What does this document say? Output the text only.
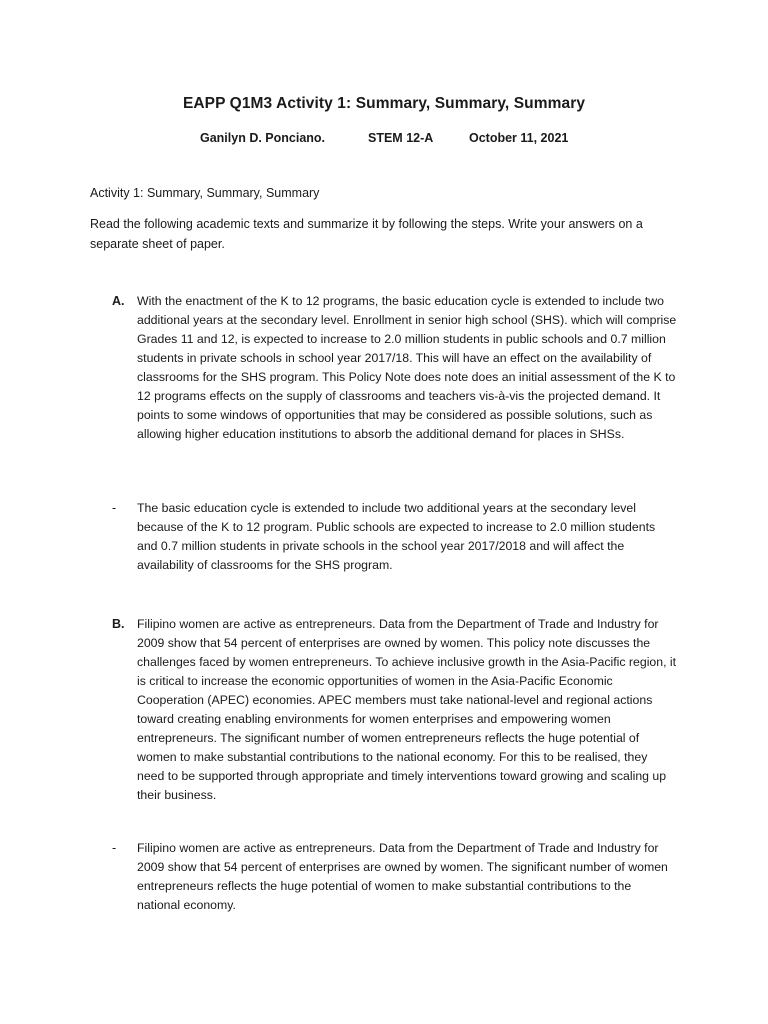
EAPP Q1M3 Activity 1: Summary, Summary, Summary
Ganilyn D. Ponciano.	STEM 12-A	October 11, 2021
Activity 1: Summary, Summary, Summary
Read the following academic texts and summarize it by following the steps. Write your answers on a separate sheet of paper.
A. With the enactment of the K to 12 programs, the basic education cycle is extended to include two additional years at the secondary level. Enrollment in senior high school (SHS). which will comprise Grades 11 and 12, is expected to increase to 2.0 million students in public schools and 0.7 million students in private schools in school year 2017/18. This will have an effect on the availability of classrooms for the SHS program. This Policy Note does note does an initial assessment of the K to 12 programs effects on the supply of classrooms and teachers vis-à-vis the projected demand. It points to some windows of opportunities that may be considered as possible solutions, such as allowing higher education institutions to absorb the additional demand for places in SHSs.
- The basic education cycle is extended to include two additional years at the secondary level because of the K to 12 program. Public schools are expected to increase to 2.0 million students and 0.7 million students in private schools in the school year 2017/2018 and will affect the availability of classrooms for the SHS program.
B. Filipino women are active as entrepreneurs. Data from the Department of Trade and Industry for 2009 show that 54 percent of enterprises are owned by women. This policy note discusses the challenges faced by women entrepreneurs. To achieve inclusive growth in the Asia-Pacific region, it is critical to increase the economic opportunities of women in the Asia-Pacific Economic Cooperation (APEC) economies. APEC members must take national-level and regional actions toward creating enabling environments for women enterprises and empowering women entrepreneurs. The significant number of women entrepreneurs reflects the huge potential of women to make substantial contributions to the national economy. For this to be realised, they need to be supported through appropriate and timely interventions toward growing and scaling up their business.
- Filipino women are active as entrepreneurs. Data from the Department of Trade and Industry for 2009 show that 54 percent of enterprises are owned by women. The significant number of women entrepreneurs reflects the huge potential of women to make substantial contributions to the national economy.
